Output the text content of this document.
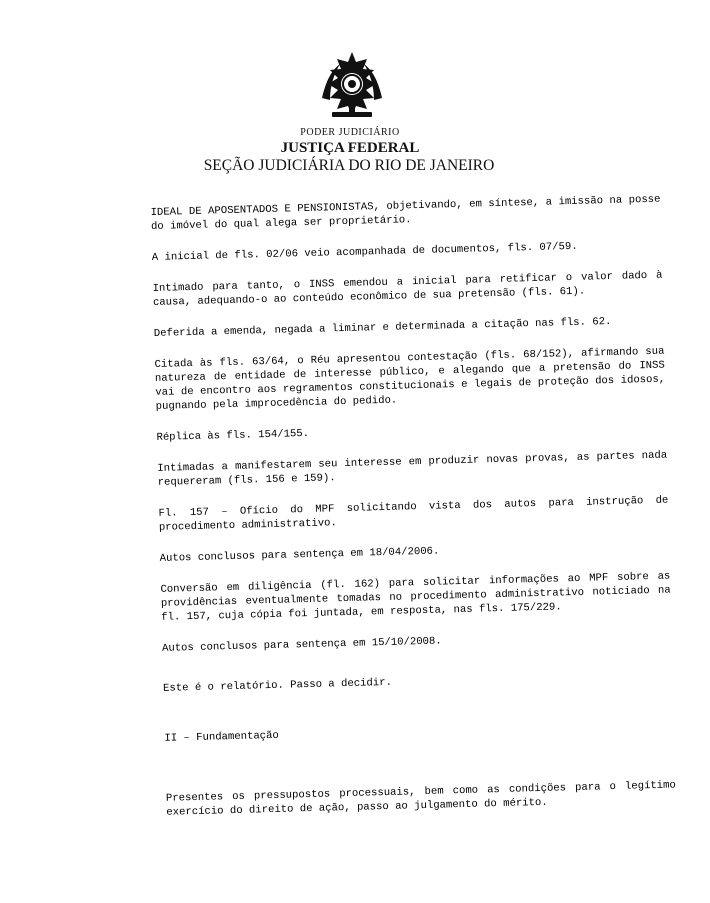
PODER JUDICIÁRIO
JUSTIÇA FEDERAL
SEÇÃO JUDICIÁRIA DO RIO DE JANEIRO

IDEAL DE APOSENTADOS E PENSIONISTAS, objetivando, em síntese, a imissão na posse do imóvel do qual alega ser proprietário.

A inicial de fls. 02/06 veio acompanhada de documentos, fls. 07/59.

Intimado para tanto, o INSS emendou a inicial para retificar o valor dado à causa, adequando-o ao conteúdo econômico de sua pretensão (fls. 61).

Deferida a emenda, negada a liminar e determinada a citação nas fls. 62.

Citada às fls. 63/64, o Réu apresentou contestação (fls. 68/152), afirmando sua natureza de entidade de interesse público, e alegando que a pretensão do INSS vai de encontro aos regramentos constitucionais e legais de proteção dos idosos, pugnando pela improcedência do pedido.

Réplica às fls. 154/155.

Intimadas a manifestarem seu interesse em produzir novas provas, as partes nada requereram (fls. 156 e 159).

Fl. 157 – Ofício do MPF solicitando vista dos autos para instrução de procedimento administrativo.

Autos conclusos para sentença em 18/04/2006.

Conversão em diligência (fl. 162) para solicitar informações ao MPF sobre as providências eventualmente tomadas no procedimento administrativo noticiado na fl. 157, cuja cópia foi juntada, em resposta, nas fls. 175/229.

Autos conclusos para sentença em 15/10/2008.

Este é o relatório. Passo a decidir.

II – Fundamentação

Presentes os pressupostos processuais, bem como as condições para o legítimo exercício do direito de ação, passo ao julgamento do mérito.
